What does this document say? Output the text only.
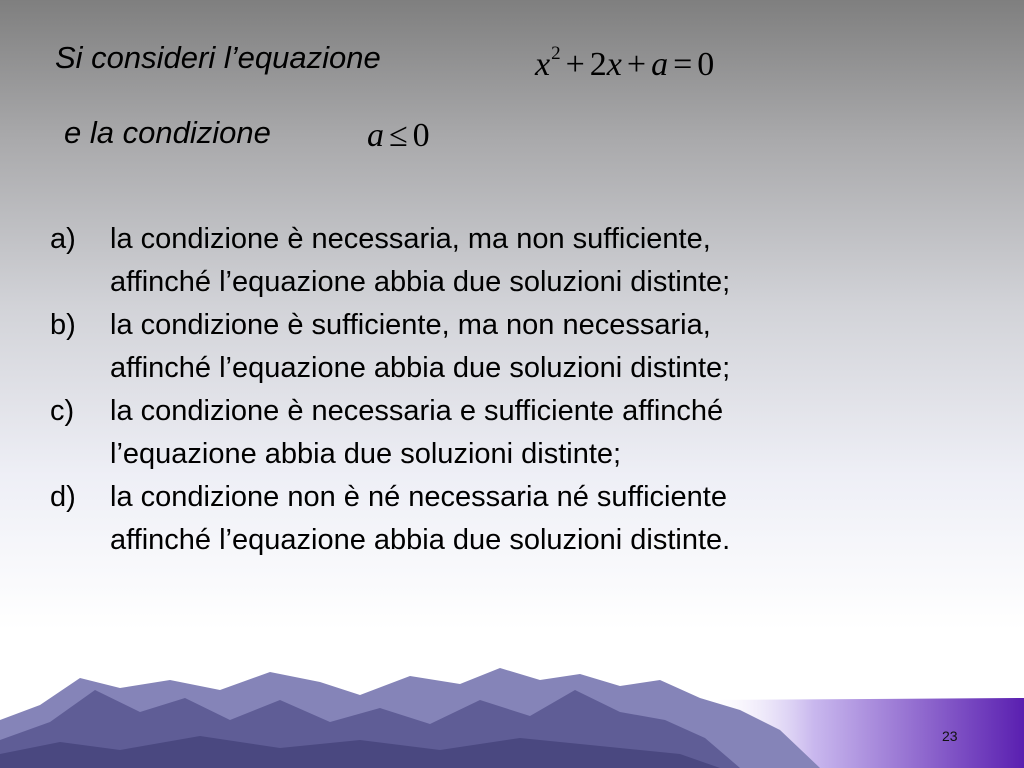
Si consideri l’equazione	$x^2 + 2x + a = 0$
e la condizione	a ≤ 0
a) la condizione è necessaria, ma non sufficiente,
affinché l’equazione abbia due soluzioni distinte;
b) la condizione è sufficiente, ma non necessaria,
affinché l’equazione abbia due soluzioni distinte;
c) la condizione è necessaria e sufficiente affinché
l’equazione abbia due soluzioni distinte;
d) la condizione non è né necessaria né sufficiente
affinché l’equazione abbia due soluzioni distinte.
23
